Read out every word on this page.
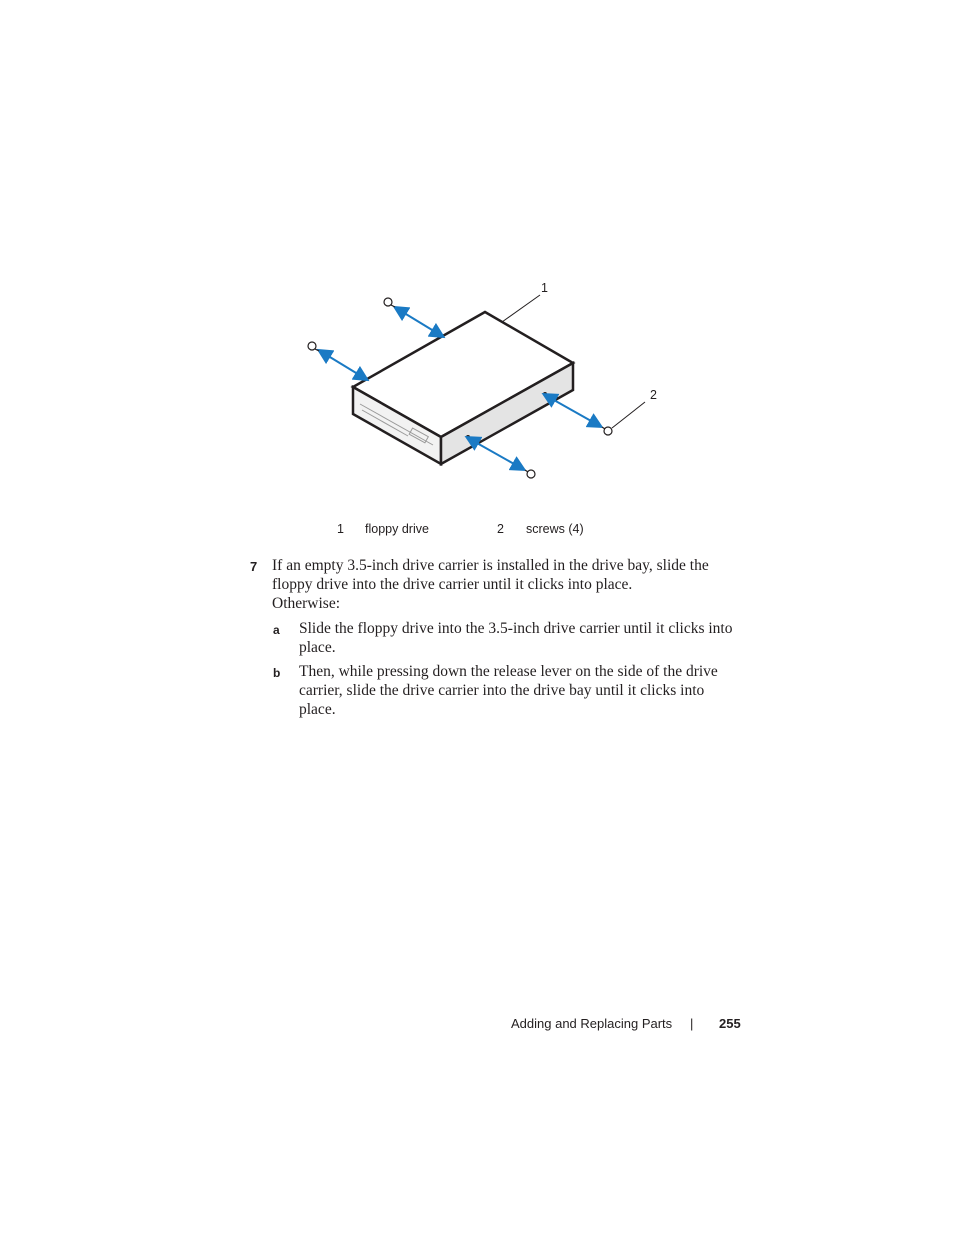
1
2
1 floppy drive	2 screws (4)
7 If an empty 3.5-inch drive carrier is installed in the drive bay, slide the
floppy drive into the drive carrier until it clicks into place.
Otherwise:
a Slide the floppy drive into the 3.5-inch drive carrier until it clicks into
place.
b Then, while pressing down the release lever on the side of the drive
carrier, slide the drive carrier into the drive bay until it clicks into
place.
Adding and Replacing Parts | 255
